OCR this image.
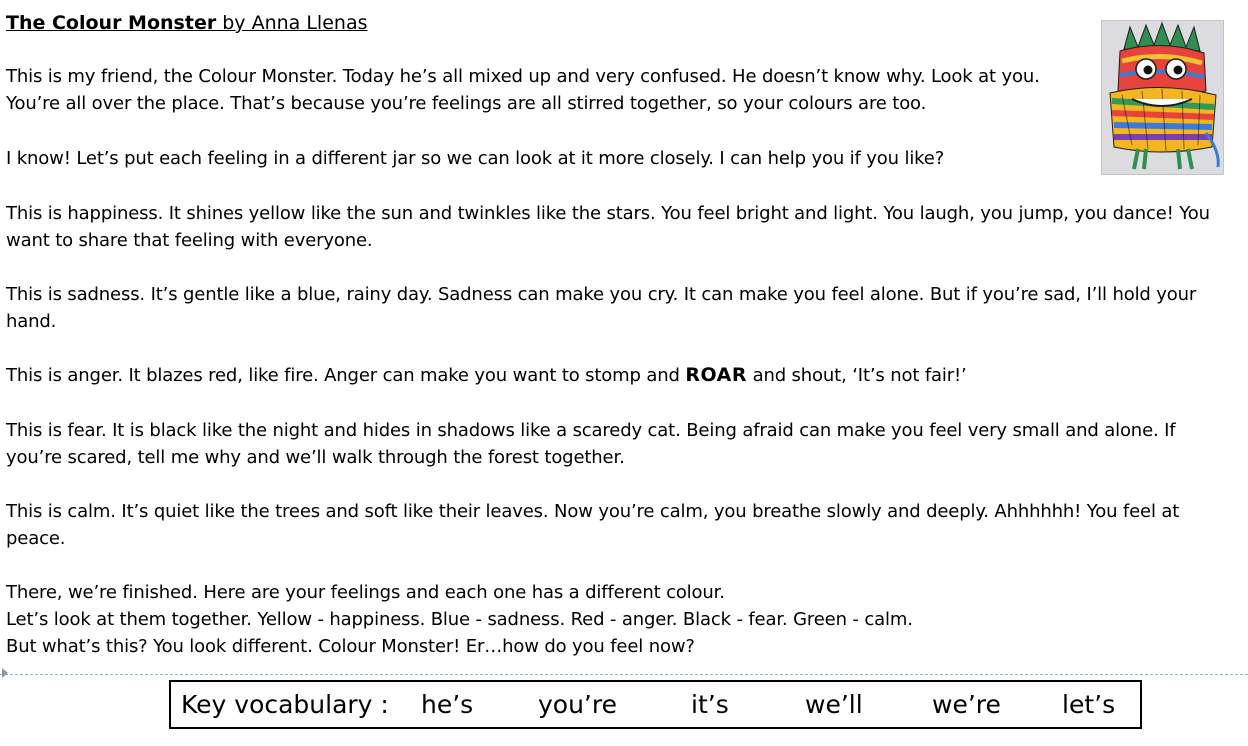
The Colour Monster by Anna Llenas

This is my friend, the Colour Monster. Today he’s all mixed up and very confused. He doesn’t know why. Look at you.
You’re all over the place. That’s because you’re feelings are all stirred together, so your colours are too.

I know! Let’s put each feeling in a different jar so we can look at it more closely. I can help you if you like?

This is happiness. It shines yellow like the sun and twinkles like the stars. You feel bright and light. You laugh, you jump, you dance! You
want to share that feeling with everyone.

This is sadness. It’s gentle like a blue, rainy day. Sadness can make you cry. It can make you feel alone. But if you’re sad, I’ll hold your
hand.

This is anger. It blazes red, like fire. Anger can make you want to stomp and ROAR and shout, ‘It’s not fair!’

This is fear. It is black like the night and hides in shadows like a scaredy cat. Being afraid can make you feel very small and alone. If
you’re scared, tell me why and we’ll walk through the forest together.

This is calm. It’s quiet like the trees and soft like their leaves. Now you’re calm, you breathe slowly and deeply. Ahhhhhh! You feel at
peace.

There, we’re finished. Here are your feelings and each one has a different colour.
Let’s look at them together. Yellow - happiness. Blue - sadness. Red - anger. Black - fear. Green - calm.
But what’s this? You look different. Colour Monster! Er…how do you feel now?

Key vocabulary : he’s	you’re	it’s	we’ll	we’re let’s
